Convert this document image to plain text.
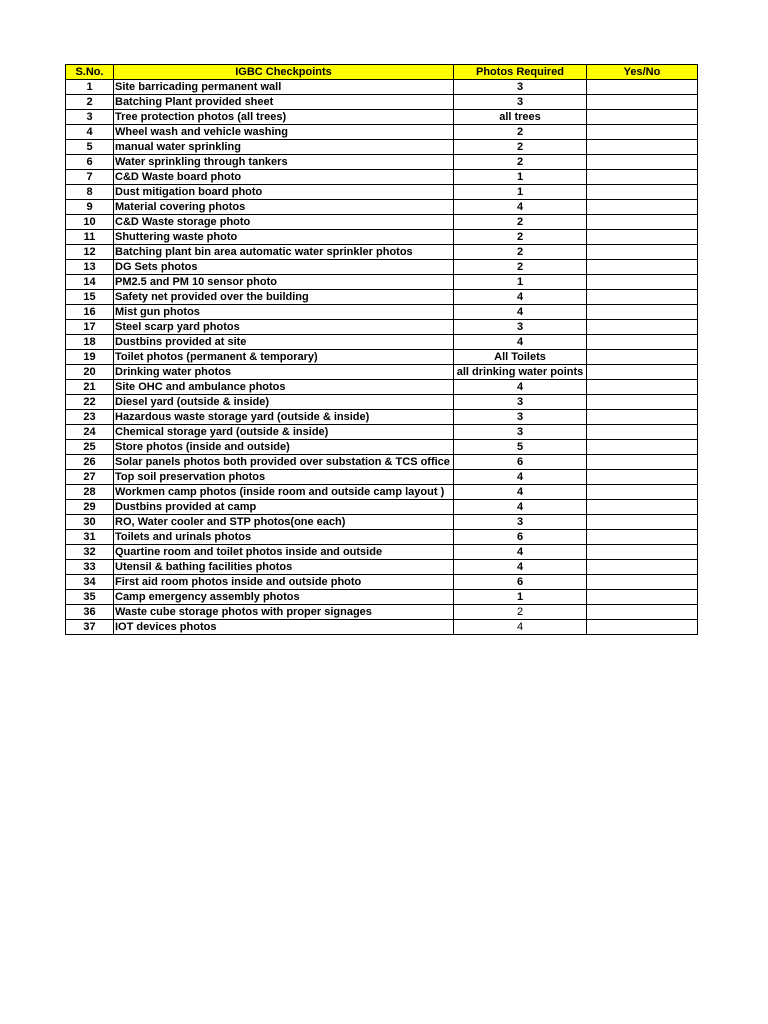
S.No.	IGBC Checkpoints	Photos Required	Yes/No
1	Site barricading permanent wall	3	
2	Batching Plant provided sheet	3	
3	Tree protection photos (all trees)	all trees	
4	Wheel wash and vehicle washing	2	
5	manual water sprinkling	2	
6	Water sprinkling through tankers	2	
7	C&D Waste board photo	1	
8	Dust mitigation board photo	1	
9	Material covering photos	4	
10	C&D Waste storage photo	2	
11	Shuttering waste photo	2	
12	Batching plant bin area automatic water sprinkler photos	2	
13	DG Sets photos	2	
14	PM2.5 and PM 10 sensor photo	1	
15	Safety net provided over the building	4	
16	Mist gun photos	4	
17	Steel scarp yard photos	3	
18	Dustbins provided at site	4	
19	Toilet photos (permanent & temporary)	All Toilets	
20	Drinking water photos	all drinking water points	
21	Site OHC and ambulance photos	4	
22	Diesel yard (outside & inside)	3	
23	Hazardous waste storage yard (outside & inside)	3	
24	Chemical storage yard (outside & inside)	3	
25	Store photos (inside and outside)	5	
26	Solar panels photos both provided over substation & TCS office	6	
27	Top soil preservation photos	4	
28	Workmen camp photos (inside room and outside camp layout )	4	
29	Dustbins provided at camp	4	
30	RO, Water cooler and STP photos(one each)	3	
31	Toilets and urinals photos	6	
32	Quartine room and toilet photos inside and outside	4	
33	Utensil & bathing facilities photos	4	
34	First aid room photos inside and outside photo	6	
35	Camp emergency assembly photos	1	
36	Waste cube storage photos with proper signages	2	
37	IOT devices photos	4	
